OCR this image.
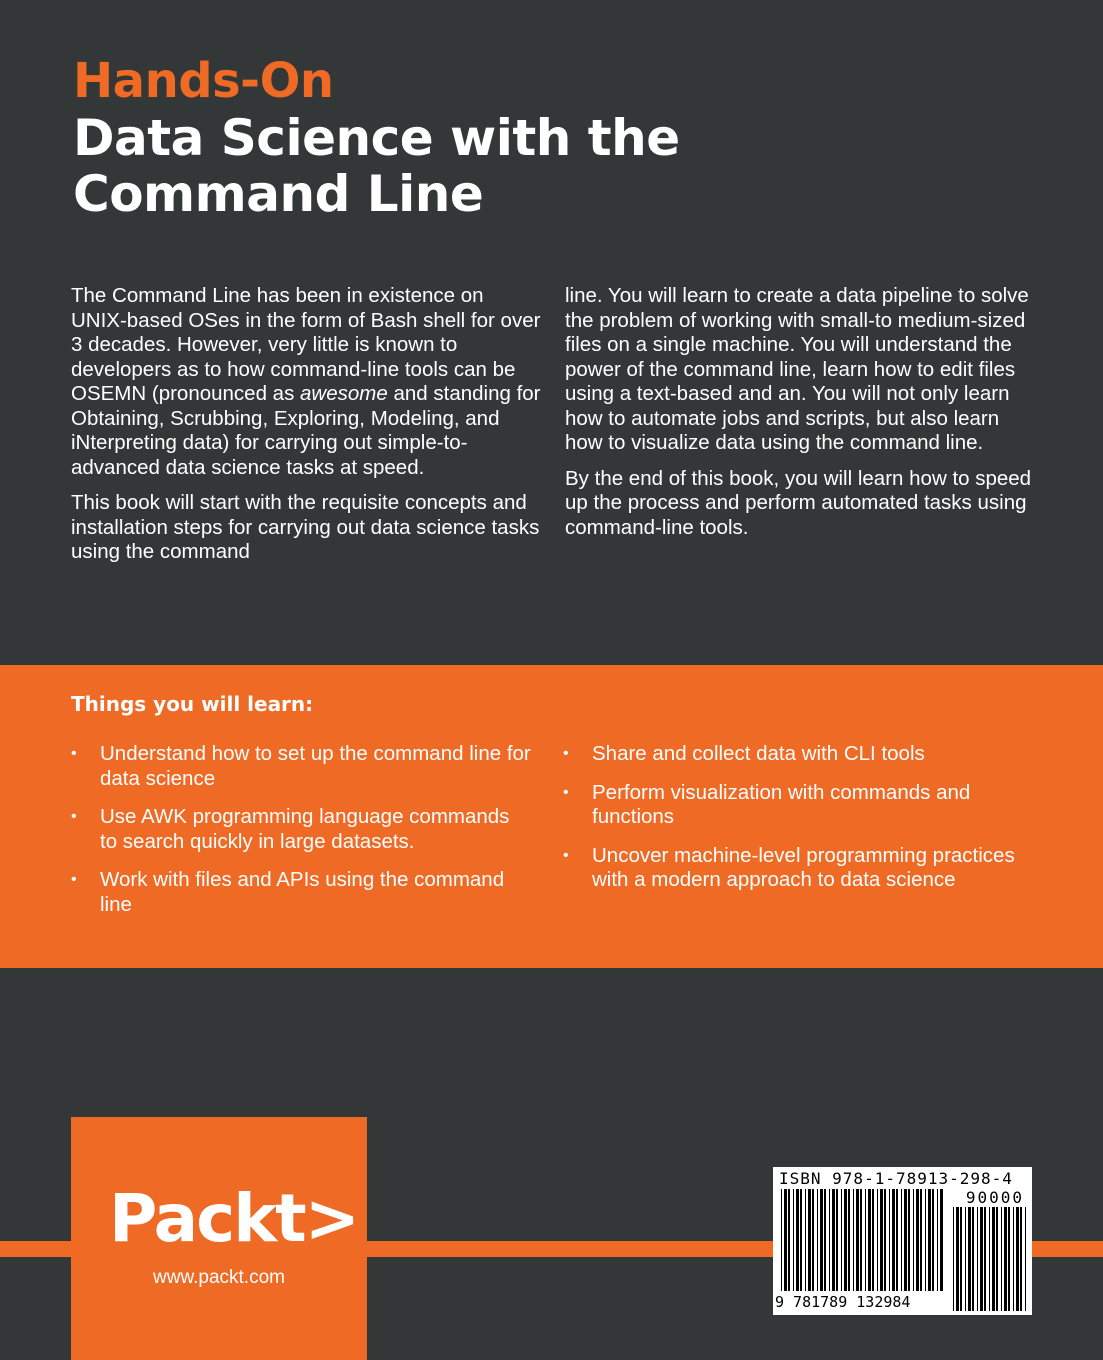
Hands-On
Data Science with the
Command Line

The Command Line has been in existence on UNIX-based OSes in the form of Bash shell for over 3 decades. However, very little is known to developers as to how command-line tools can be OSEMN (pronounced as awesome and standing for Obtaining, Scrubbing, Exploring, Modeling, and iNterpreting data) for carrying out simple-to-advanced data science tasks at speed.

This book will start with the requisite concepts and installation steps for carrying out data science tasks using the command

line. You will learn to create a data pipeline to solve the problem of working with small-to medium-sized files on a single machine. You will understand the power of the command line, learn how to edit files using a text-based and an. You will not only learn how to automate jobs and scripts, but also learn how to visualize data using the command line.

By the end of this book, you will learn how to speed up the process and perform automated tasks using command-line tools.

Things you will learn:
• Understand how to set up the command line for data science
• Use AWK programming language commands to search quickly in large datasets.
• Work with files and APIs using the command line
• Share and collect data with CLI tools
• Perform visualization with commands and functions
• Uncover machine-level programming practices with a modern approach to data science
Packt>
www.packt.com
ISBN 978-1-78913-298-4
90000
9 781789 132984
